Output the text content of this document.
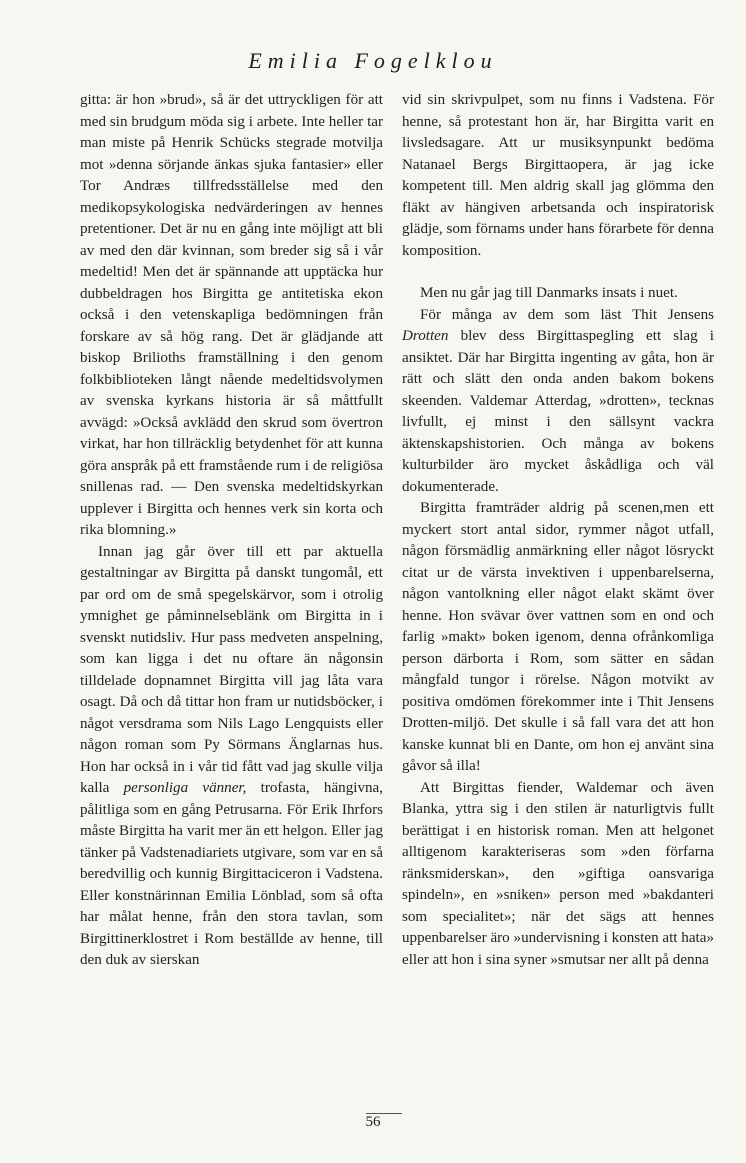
Emilia Fogelklou

gitta: är hon »brud», så är det uttryckligen för att med sin brudgum möda sig i arbete. Inte heller tar man miste på Henrik Schücks stegrade motvilja mot »denna sörjande änkas sjuka fantasier» eller Tor Andræs tillfredsställelse med den medikopsykologiska nedvärderingen av hennes pretentioner. Det är nu en gång inte möjligt att bli av med den där kvinnan, som breder sig så i vår medeltid! Men det är spännande att upptäcka hur dubbeldragen hos Birgitta ge antitetiska ekon också i den vetenskapliga bedömningen från forskare av så hög rang. Det är glädjande att biskop Brilioths framställning i den genom folkbiblioteken långt nående medeltidsvolymen av svenska kyrkans historia är så måttfullt avvägd: »Också avklädd den skrud som övertron virkat, har hon tillräcklig betydenhet för att kunna göra anspråk på ett framstående rum i de religiösa snillenas rad. — Den svenska medeltidskyrkan upplever i Birgitta och hennes verk sin korta och rika blomning.»

Innan jag går över till ett par aktuella gestaltningar av Birgitta på danskt tungomål, ett par ord om de små spegelskärvor, som i otrolig ymnighet ge påminnelseblänk om Birgitta in i svenskt nutidsliv. Hur pass medveten anspelning, som kan ligga i det nu oftare än någonsin tilldelade dopnamnet Birgitta vill jag låta vara osagt. Då och då tittar hon fram ur nutidsböcker, i något versdrama som Nils Lago Lengquists eller någon roman som Py Sörmans Änglarnas hus. Hon har också in i vår tid fått vad jag skulle vilja kalla personliga vänner, trofasta, hängivna, pålitliga som en gång Petrusarna. För Erik Ihrfors måste Birgitta ha varit mer än ett helgon. Eller jag tänker på Vadstenadiariets utgivare, som var en så beredvillig och kunnig Birgittaciceron i Vadstena. Eller konstnärinnan Emilia Lönblad, som så ofta har målat henne, från den stora tavlan, som Birgittinerklostret i Rom beställde av henne, till den duk av sierskan

vid sin skrivpulpet, som nu finns i Vadstena. För henne, så protestant hon är, har Birgitta varit en livsledsagare. Att ur musiksynpunkt bedöma Natanael Bergs Birgittaopera, är jag icke kompetent till. Men aldrig skall jag glömma den fläkt av hängiven arbetsanda och inspiratorisk glädje, som förnams under hans förarbete för denna komposition.

Men nu går jag till Danmarks insats i nuet.

För många av dem som läst Thit Jensens Drotten blev dess Birgittaspegling ett slag i ansiktet. Där har Birgitta ingenting av gåta, hon är rätt och slätt den onda anden bakom bokens skeenden. Valdemar Atterdag, »drotten», tecknas livfullt, ej minst i den sällsynt vackra äktenskapshistorien. Och många av bokens kulturbilder äro mycket åskådliga och väl dokumenterade.

Birgitta framträder aldrig på scenen,men ett myckert stort antal sidor, rymmer något utfall, någon försmädlig anmärkning eller något lösryckt citat ur de värsta invektiven i uppenbarelserna, någon vantolkning eller något elakt skämt över henne. Hon svävar över vattnen som en ond och farlig »makt» boken igenom, denna ofrånkomliga person därborta i Rom, som sätter en sådan mångfald tungor i rörelse. Någon motvikt av positiva omdömen förekommer inte i Thit Jensens Drotten-miljö. Det skulle i så fall vara det att hon kanske kunnat bli en Dante, om hon ej använt sina gåvor så illa!

Att Birgittas fiender, Waldemar och även Blanka, yttra sig i den stilen är naturligtvis fullt berättigat i en historisk roman. Men att helgonet alltigenom karakteriseras som »den förfarna ränksmiderskan», den »giftiga oansvariga spindeln», en »sniken» person med »bakdanteri som specialitet»; när det sägs att hennes uppenbarelser äro »undervisning i konsten att hata» eller att hon i sina syner »smutsar ner allt på denna

56
